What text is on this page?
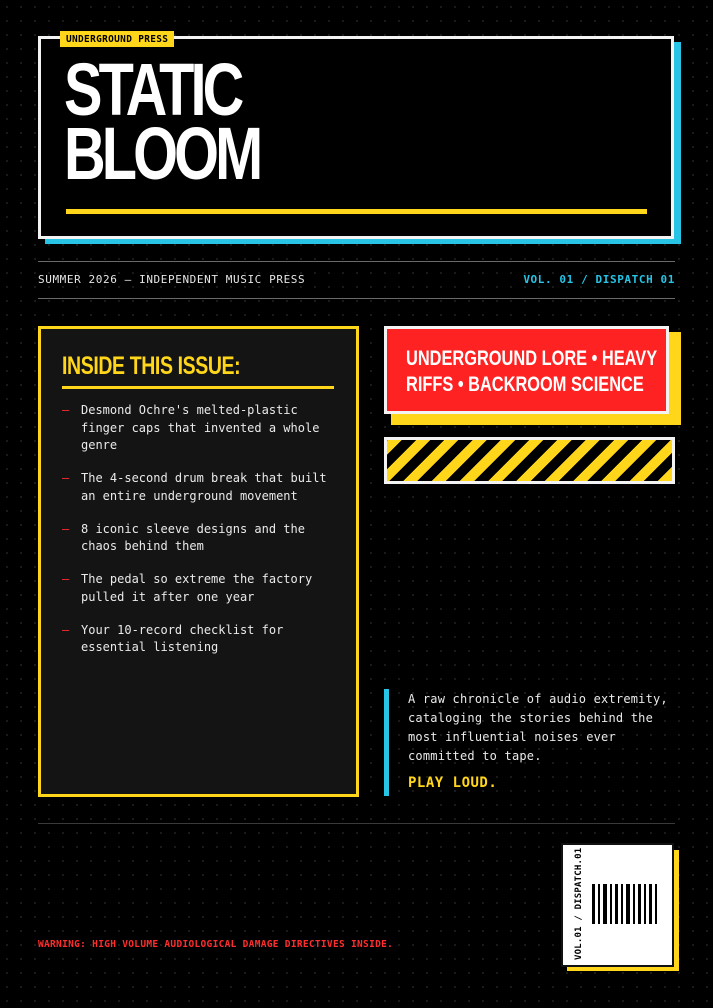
UNDERGROUND PRESS
STATIC
BLOOM
SUMMER 2026 — INDEPENDENT MUSIC PRESS	VOL. 01 / DISPATCH 01
INSIDE THIS ISSUE:
— Desmond Ochre's melted-plastic finger caps that invented a whole genre
— The 4-second drum break that built an entire underground movement
— 8 iconic sleeve designs and the chaos behind them
— The pedal so extreme the factory pulled it after one year
— Your 10-record checklist for essential listening
UNDERGROUND LORE • HEAVY RIFFS • BACKROOM SCIENCE
A raw chronicle of audio extremity, cataloging the stories behind the most influential noises ever committed to tape.
PLAY LOUD.
WARNING: HIGH VOLUME AUDIOLOGICAL DAMAGE DIRECTIVES INSIDE.	VOL.01 / DISPATCH.01
